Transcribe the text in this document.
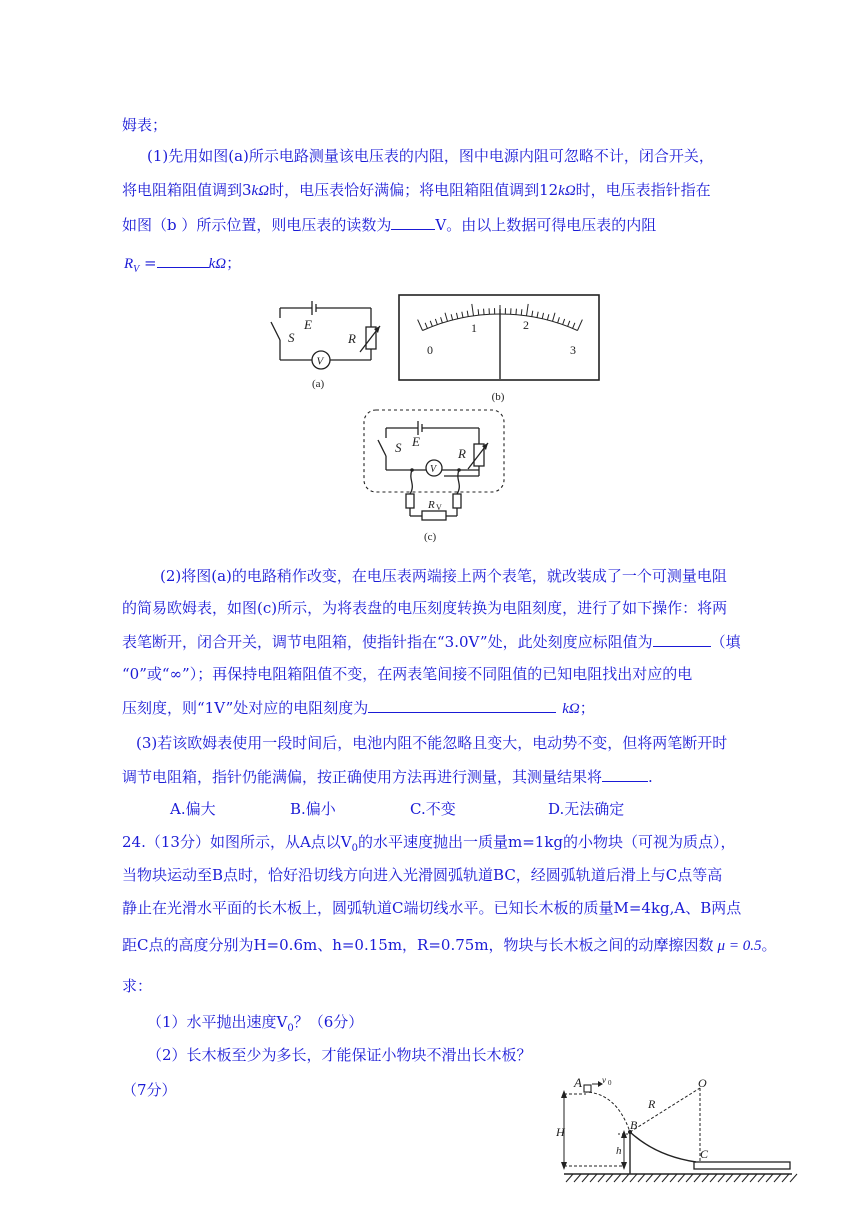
姆表；
(1)先用如图(a)所示电路测量该电压表的内阻，图中电源内阻可忽略不计，闭合开关，
将电阻箱阻值调到3kΩ时，电压表恰好满偏；将电阻箱阻值调到12kΩ时，电压表指针指在
如图（b ）所示位置，则电压表的读数为	V。由以上数据可得电压表的内阻
$R_V$ =	kΩ；
S
E
R
V
(a)
0
1	2
3
(b)
S E
R
V
R V
(c)
(2)将图(a)的电路稍作改变，在电压表两端接上两个表笔，就改装成了一个可测量电阻
的简易欧姆表，如图(c)所示，为将表盘的电压刻度转换为电阻刻度，进行了如下操作：将两
表笔断开，闭合开关，调节电阻箱，使指针指在“3.0V”处，此处刻度应标阻值为	（填
“0”或“∞”）；再保持电阻箱阻值不变，在两表笔间接不同阻值的已知电阻找出对应的电
压刻度，则“1V”处对应的电阻刻度为	kΩ；
(3)若该欧姆表使用一段时间后，电池内阻不能忽略且变大，电动势不变，但将两笔断开时
调节电阻箱，指针仍能满偏，按正确使用方法再进行测量，其测量结果将	.
A.偏大	B.偏小	C.不变	D.无法确定
24.（13分）如图所示，从A点以$V_0$的水平速度抛出一质量m=1kg的小物块（可视为质点），
当物块运动至B点时，恰好沿切线方向进入光滑圆弧轨道BC，经圆弧轨道后滑上与C点等高
静止在光滑水平面的长木板上，圆弧轨道C端切线水平。已知长木板的质量M=4kg,A、B两点
距C点的高度分别为H=0.6m、h=0.15m，R=0.75m，物块与长木板之间的动摩擦因数 μ = 0.5。
求：
（1）水平抛出速度$V_0$？（6分）
（2）长木板至少为多长，才能保证小物块不滑出长木板？
（7分）	A v 0
R
O
B
H
h	C
